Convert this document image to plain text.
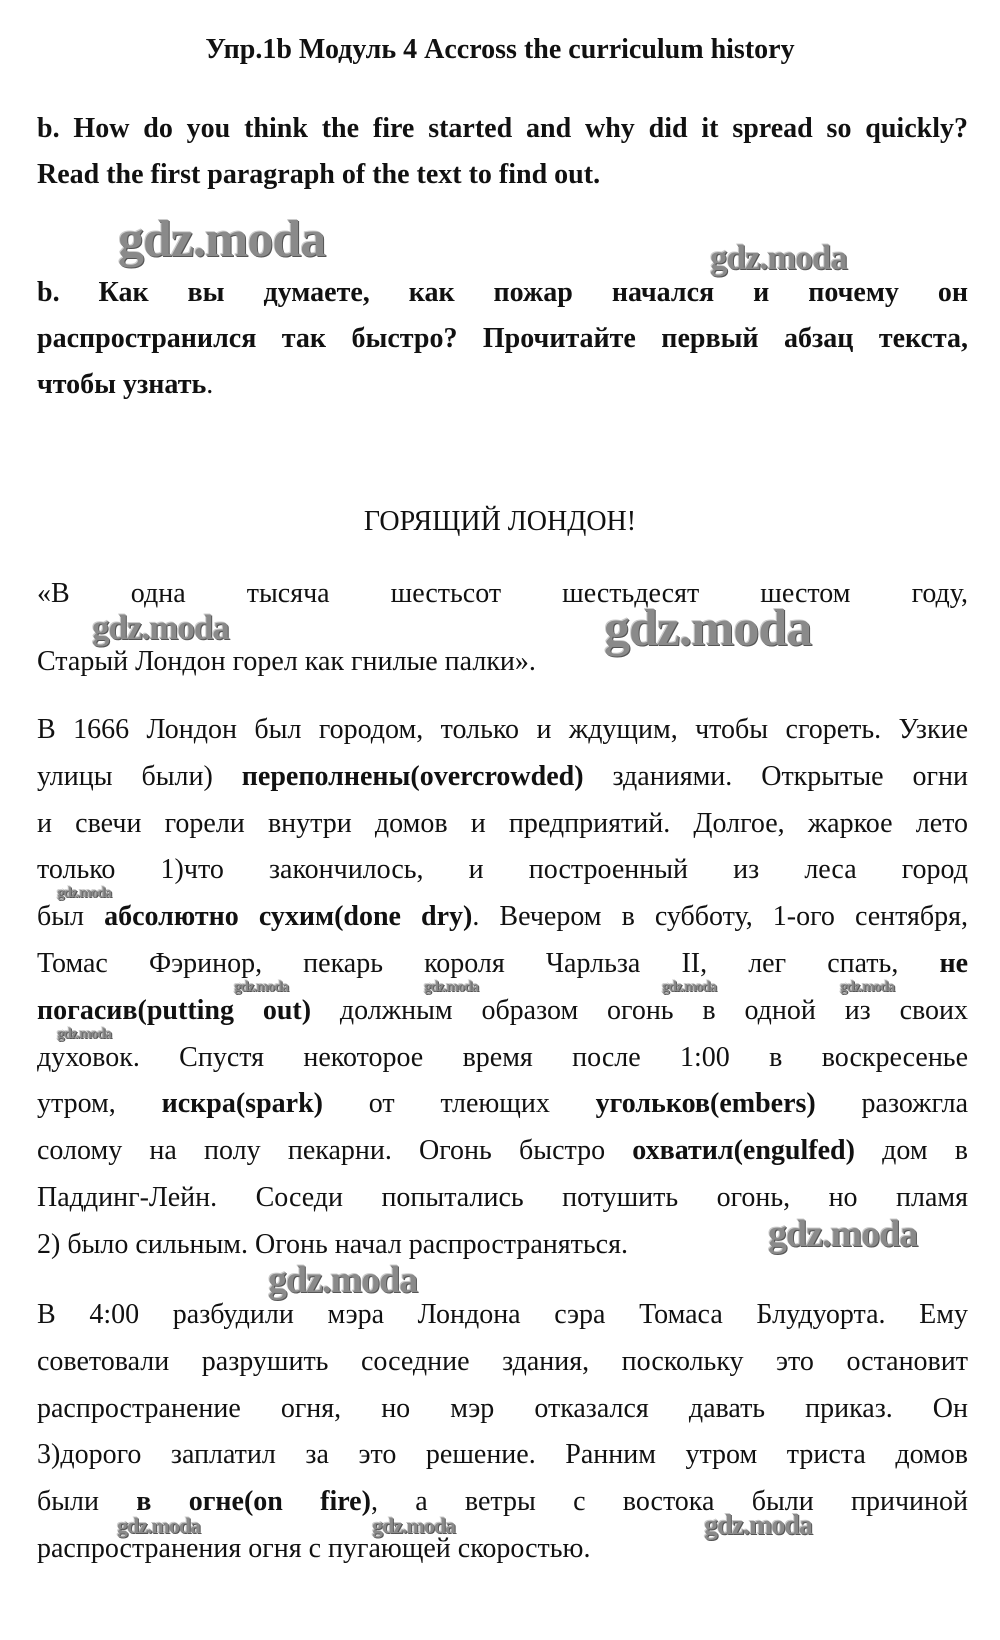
Упр.1b Модуль 4 Accross the curriculum history
b. How do you think the fire started and why did it spread so quickly?
Read the first paragraph of the text to find out.
b. Как вы думаете, как пожар начался и почему он
распространился так быстро? Прочитайте первый абзац текста,
чтобы узнать.
ГОРЯЩИЙ ЛОНДОН!
«В одна тысяча шестьсот шестьдесят шестом году,
Старый Лондон горел как гнилые палки».
В 1666 Лондон был городом, только и ждущим, чтобы сгореть. Узкие
улицы были) переполнены(overcrowded) зданиями. Открытые огни
и свечи горели внутри домов и предприятий. Долгое, жаркое лето
только 1)что закончилось, и построенный из леса город
был абсолютно сухим(done dry). Вечером в субботу, 1-ого сентября,
Томас Фэринор, пекарь короля Чарльза II, лег спать, не
погасив(putting out) должным образом огонь в одной из своих
духовок. Спустя некоторое время после 1:00 в воскресенье
утром, искра(spark) от тлеющих угольков(embers) разожгла
солому на полу пекарни. Огонь быстро охватил(engulfed) дом в
Паддинг-Лейн. Соседи попытались потушить огонь, но пламя
2) было сильным. Огонь начал распространяться.
В 4:00 разбудили мэра Лондона сэра Томаса Блудуорта. Ему
советовали разрушить соседние здания, поскольку это остановит
распространение огня, но мэр отказался давать приказ. Он
3)дорого заплатил за это решение. Ранним утром триста домов
были в огне(on fire), а ветры с востока были причиной
распространения огня с пугающей скоростью.
gdz.moda	gdz.moda
gdz.moda	gdz.moda
gdz.moda
gdz.moda	gdz.moda	gdz.moda	gdz.moda
gdz.moda
gdz.moda
gdz.moda
gdz.moda	gdz.moda	gdz.moda
